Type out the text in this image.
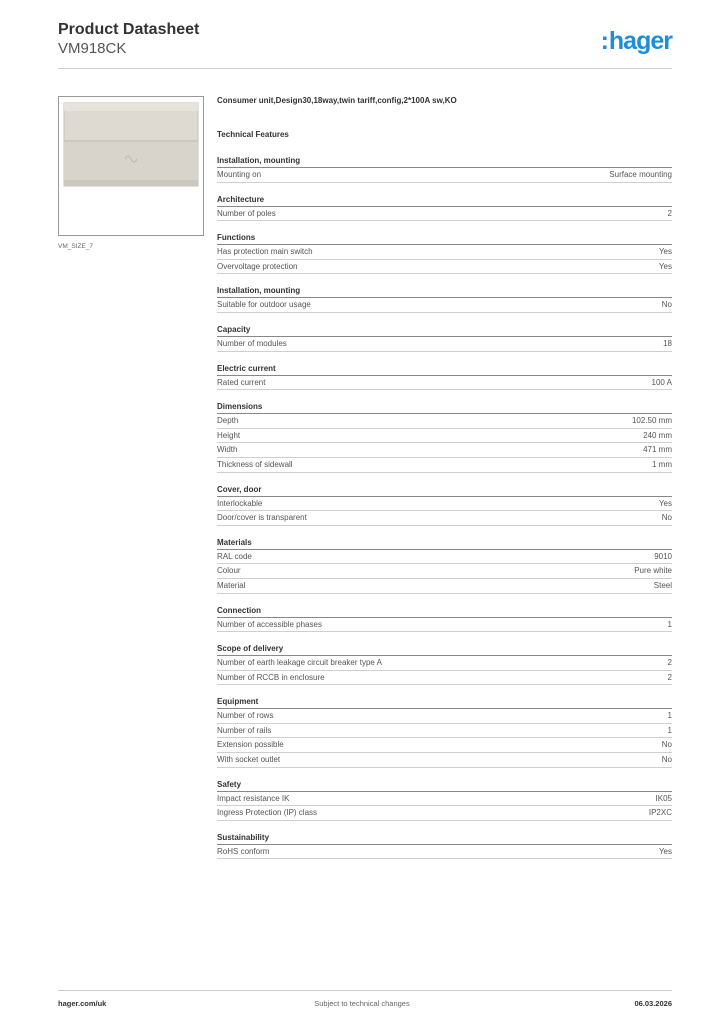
Product Datasheet
VM918CK	:hager
VM_SIZE_7
Consumer unit,Design30,18way,twin tariff,config,2*100A sw,KO
Technical Features
Installation, mounting
Mounting on	Surface mounting
Architecture
Number of poles	2
Functions
Has protection main switch	Yes
Overvoltage protection	Yes
Installation, mounting
Suitable for outdoor usage	No
Capacity
Number of modules	18
Electric current
Rated current	100 A
Dimensions
Depth	102.50 mm
Height	240 mm
Width	471 mm
Thickness of sidewall	1 mm
Cover, door
Interlockable	Yes
Door/cover is transparent	No
Materials
RAL code	9010
Colour	Pure white
Material	Steel
Connection
Number of accessible phases	1
Scope of delivery
Number of earth leakage circuit breaker type A	2
Number of RCCB in enclosure	2
Equipment
Number of rows	1
Number of rails	1
Extension possible	No
With socket outlet	No
Safety
Impact resistance IK	IK05
Ingress Protection (IP) class	IP2XC
Sustainability
RoHS conform	Yes
hager.com/uk	Subject to technical changes	06.03.2026
